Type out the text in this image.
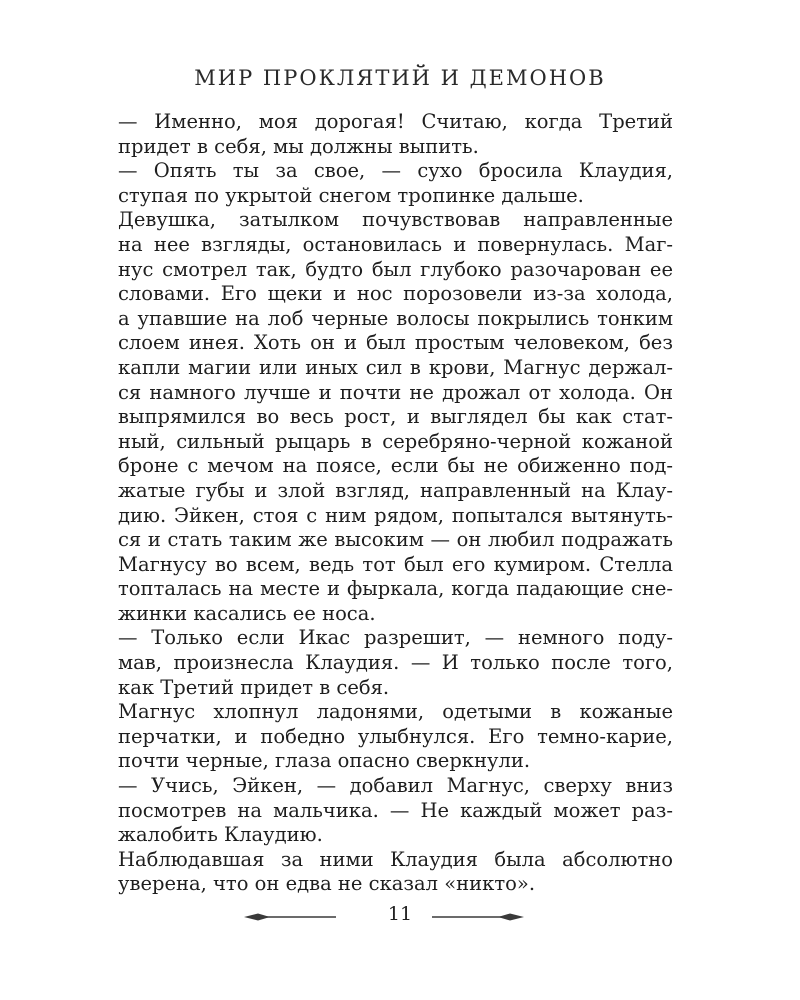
МИР ПРОКЛЯТИЙ И ДЕМОНОВ
— Именно, моя дорогая! Считаю, когда Третий
придет в себя, мы должны выпить.
— Опять ты за свое, — сухо бросила Клаудия,
ступая по укрытой снегом тропинке дальше.
Девушка, затылком почувствовав направленные
на нее взгляды, остановилась и повернулась. Маг-
нус смотрел так, будто был глубоко разочарован ее
словами. Его щеки и нос порозовели из-за холода,
а упавшие на лоб черные волосы покрылись тонким
слоем инея. Хоть он и был простым человеком, без
капли магии или иных сил в крови, Магнус держал-
ся намного лучше и почти не дрожал от холода. Он
выпрямился во весь рост, и выглядел бы как стат-
ный, сильный рыцарь в серебряно-черной кожаной
броне с мечом на поясе, если бы не обиженно под-
жатые губы и злой взгляд, направленный на Клау-
дию. Эйкен, стоя с ним рядом, попытался вытянуть-
ся и стать таким же высоким — он любил подражать
Магнусу во всем, ведь тот был его кумиром. Стелла
топталась на месте и фыркала, когда падающие сне-
жинки касались ее носа.
— Только если Икас разрешит, — немного поду-
мав, произнесла Клаудия. — И только после того,
как Третий придет в себя.
Магнус хлопнул ладонями, одетыми в кожаные
перчатки, и победно улыбнулся. Его темно-карие,
почти черные, глаза опасно сверкнули.
— Учись, Эйкен, — добавил Магнус, сверху вниз
посмотрев на мальчика. — Не каждый может раз-
жалобить Клаудию.
Наблюдавшая за ними Клаудия была абсолютно
уверена, что он едва не сказал «никто».
11
